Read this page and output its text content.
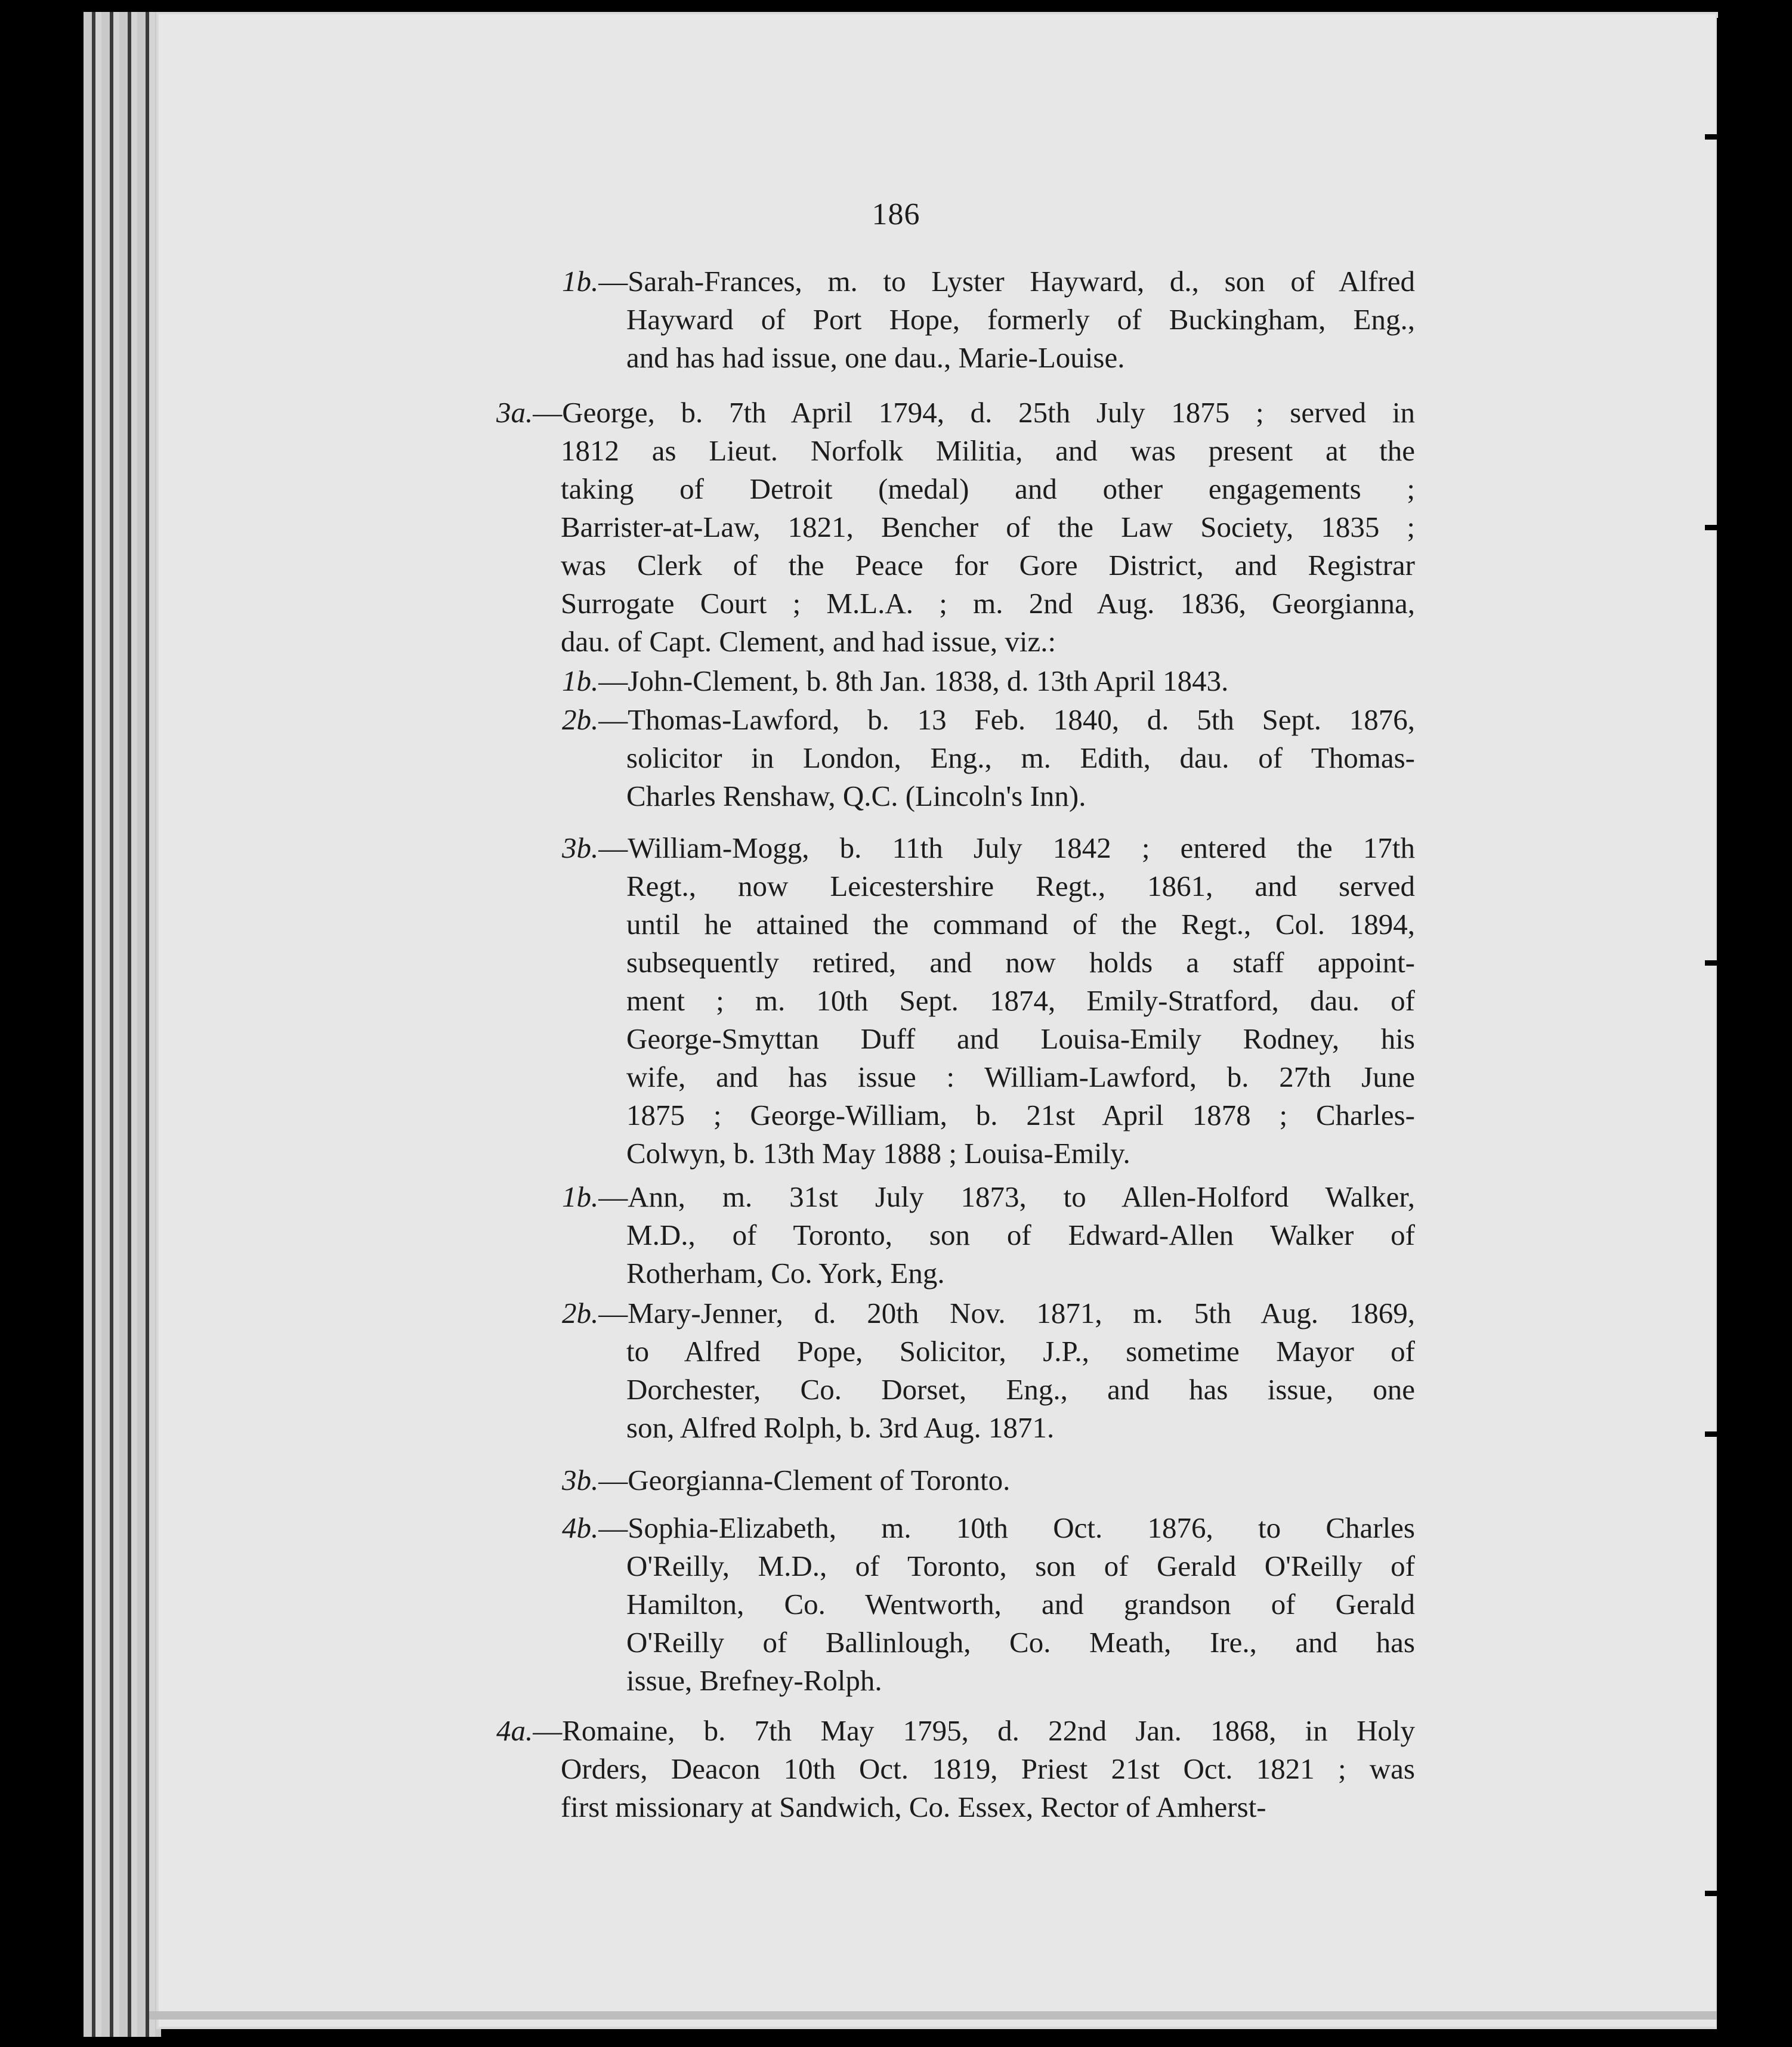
186
1b.—Sarah-Frances, m. to Lyster Hayward, d., son of Alfred
Hayward of Port Hope, formerly of Buckingham, Eng.,
and has had issue, one dau., Marie-Louise.
3a.—George, b. 7th April 1794, d. 25th July 1875 ; served in
1812 as Lieut. Norfolk Militia, and was present at the
taking of Detroit (medal) and other engagements ;
Barrister-at-Law, 1821, Bencher of the Law Society, 1835 ;
was Clerk of the Peace for Gore District, and Registrar
Surrogate Court ; M.L.A. ; m. 2nd Aug. 1836, Georgianna,
dau. of Capt. Clement, and had issue, viz.:
1b.—John-Clement, b. 8th Jan. 1838, d. 13th April 1843.
2b.—Thomas-Lawford, b. 13 Feb. 1840, d. 5th Sept. 1876,
solicitor in London, Eng., m. Edith, dau. of Thomas-
Charles Renshaw, Q.C. (Lincoln's Inn).
3b.—William-Mogg, b. 11th July 1842 ; entered the 17th
Regt., now Leicestershire Regt., 1861, and served
until he attained the command of the Regt., Col. 1894,
subsequently retired, and now holds a staff appoint-
ment ; m. 10th Sept. 1874, Emily-Stratford, dau. of
George-Smyttan Duff and Louisa-Emily Rodney, his
wife, and has issue : William-Lawford, b. 27th June
1875 ; George-William, b. 21st April 1878 ; Charles-
Colwyn, b. 13th May 1888 ; Louisa-Emily.
1b.—Ann, m. 31st July 1873, to Allen-Holford Walker,
M.D., of Toronto, son of Edward-Allen Walker of
Rotherham, Co. York, Eng.
2b.—Mary-Jenner, d. 20th Nov. 1871, m. 5th Aug. 1869,
to Alfred Pope, Solicitor, J.P., sometime Mayor of
Dorchester, Co. Dorset, Eng., and has issue, one
son, Alfred Rolph, b. 3rd Aug. 1871.
3b.—Georgianna-Clement of Toronto.
4b.—Sophia-Elizabeth, m. 10th Oct. 1876, to Charles
O'Reilly, M.D., of Toronto, son of Gerald O'Reilly of
Hamilton, Co. Wentworth, and grandson of Gerald
O'Reilly of Ballinlough, Co. Meath, Ire., and has
issue, Brefney-Rolph.
4a.—Romaine, b. 7th May 1795, d. 22nd Jan. 1868, in Holy
Orders, Deacon 10th Oct. 1819, Priest 21st Oct. 1821 ; was
first missionary at Sandwich, Co. Essex, Rector of Amherst-
